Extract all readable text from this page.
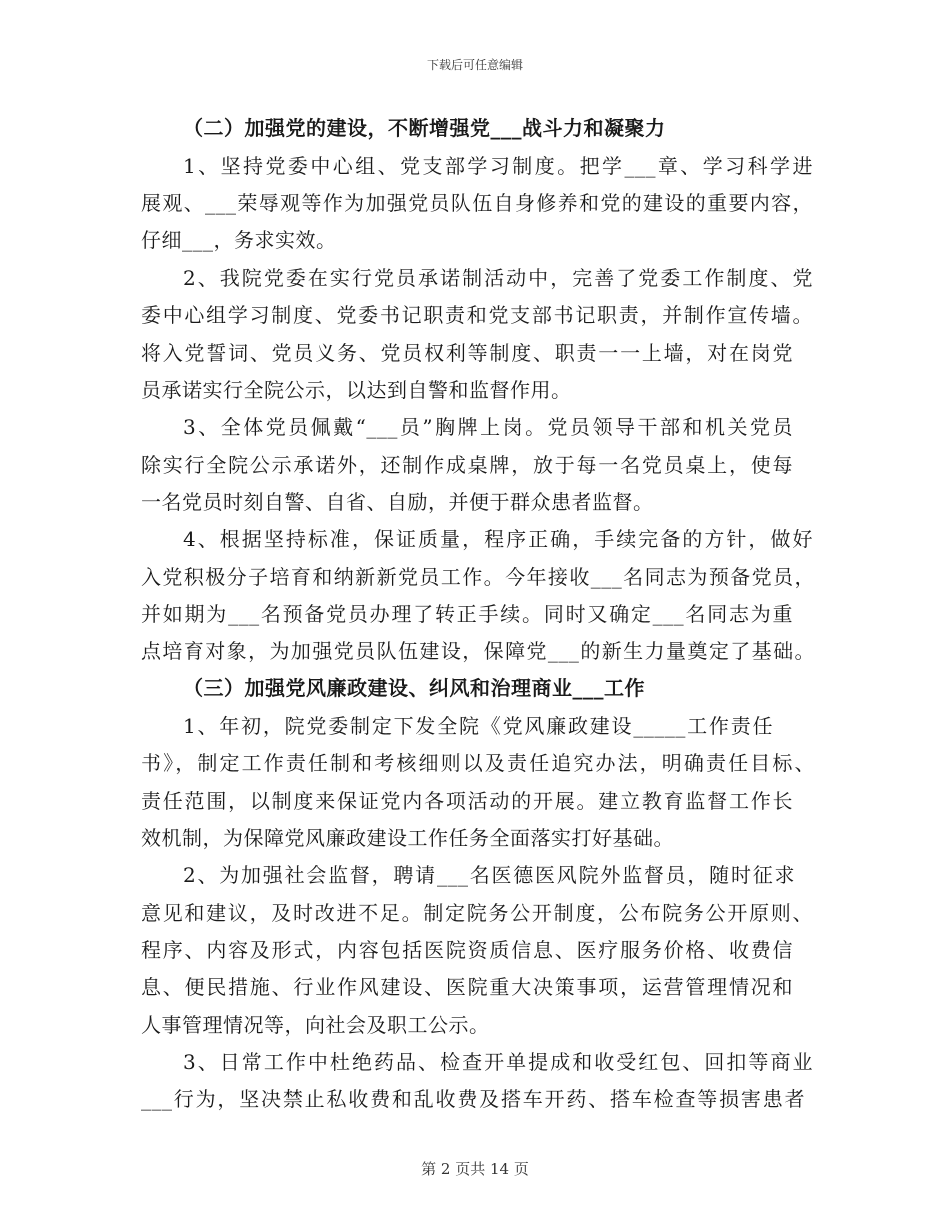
下载后可任意编辑
（二）加强党的建设，不断增强党___战斗力和凝聚力
1、坚持党委中心组、党支部学习制度。把学___章、学习科学进
展观、___荣辱观等作为加强党员队伍自身修养和党的建设的重要内容，
仔细___，务求实效。
2、我院党委在实行党员承诺制活动中，完善了党委工作制度、党
委中心组学习制度、党委书记职责和党支部书记职责，并制作宣传墙。
将入党誓词、党员义务、党员权利等制度、职责一一上墙，对在岗党
员承诺实行全院公示，以达到自警和监督作用。
3、全体党员佩戴“___员”胸牌上岗。党员领导干部和机关党员
除实行全院公示承诺外，还制作成桌牌，放于每一名党员桌上，使每
一名党员时刻自警、自省、自励，并便于群众患者监督。
4、根据坚持标准，保证质量，程序正确，手续完备的方针，做好
入党积极分子培育和纳新新党员工作。今年接收___名同志为预备党员，
并如期为___名预备党员办理了转正手续。同时又确定___名同志为重
点培育对象，为加强党员队伍建设，保障党___的新生力量奠定了基础。
（三）加强党风廉政建设、纠风和治理商业___工作
1、年初，院党委制定下发全院《党风廉政建设_____工作责任
书》，制定工作责任制和考核细则以及责任追究办法，明确责任目标、
责任范围，以制度来保证党内各项活动的开展。建立教育监督工作长
效机制，为保障党风廉政建设工作任务全面落实打好基础。
2、为加强社会监督，聘请___名医德医风院外监督员，随时征求
意见和建议，及时改进不足。制定院务公开制度，公布院务公开原则、
程序、内容及形式，内容包括医院资质信息、医疗服务价格、收费信
息、便民措施、行业作风建设、医院重大决策事项，运营管理情况和
人事管理情况等，向社会及职工公示。
3、日常工作中杜绝药品、检查开单提成和收受红包、回扣等商业
___行为，坚决禁止私收费和乱收费及搭车开药、搭车检查等损害患者
第 2 页共 14 页
